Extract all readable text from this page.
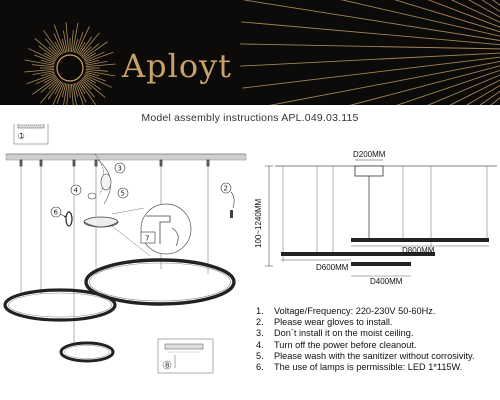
Aployt
Model assembly instructions APL.049.03.115
1
7
2
3
4	5
6
8
D200MM
D800MM
D600MM
D400MM
100~1240MM
1. Voltage/Frequency: 220-230V 50-60Hz.
2. Please wear gloves to install.
3. Don`t install it on the moist ceiling.
4. Turn off the power before cleanout.
5. Please wash with the sanitizer without corrosivity.
6. The use of lamps is permissible: LED 1*115W.
